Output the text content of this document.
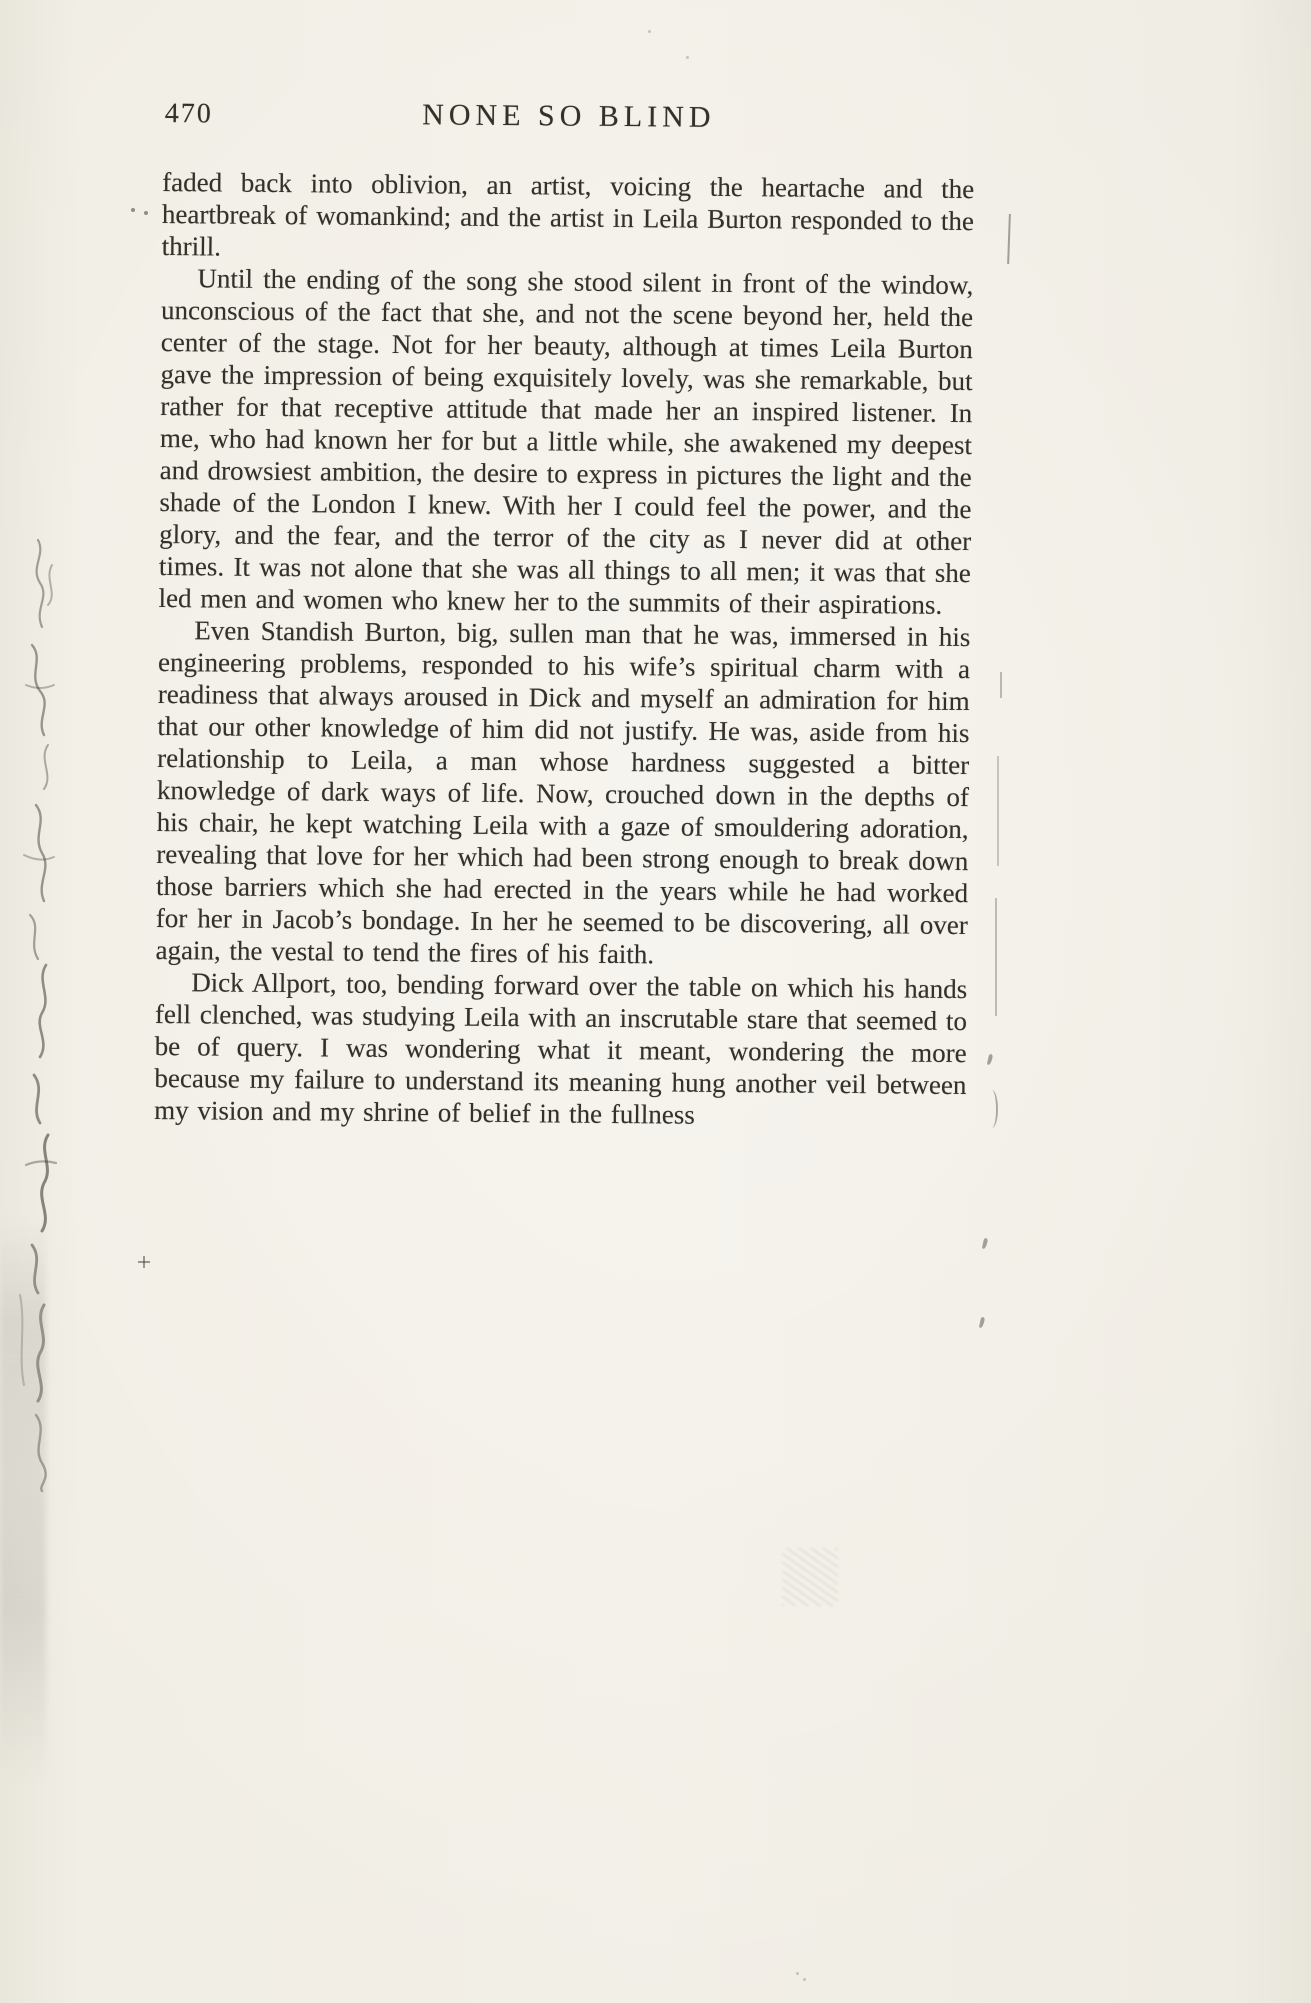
470	NONE SO BLIND

faded back into oblivion, an artist, voicing the heartache and the heartbreak of womankind; and the artist in Leila Burton responded to the thrill.

Until the ending of the song she stood silent in front of the window, unconscious of the fact that she, and not the scene beyond her, held the center of the stage. Not for her beauty, although at times Leila Burton gave the impression of being exquisitely lovely, was she remarkable, but rather for that receptive attitude that made her an inspired listener. In me, who had known her for but a little while, she awakened my deepest and drowsiest ambition, the desire to express in pictures the light and the shade of the London I knew. With her I could feel the power, and the glory, and the fear, and the terror of the city as I never did at other times. It was not alone that she was all things to all men; it was that she led men and women who knew her to the summits of their aspirations.

Even Standish Burton, big, sullen man that he was, immersed in his engineering problems, responded to his wife’s spiritual charm with a readiness that always aroused in Dick and myself an admiration for him that our other knowledge of him did not justify. He was, aside from his relationship to Leila, a man whose hardness suggested a bitter knowledge of dark ways of life. Now, crouched down in the depths of his chair, he kept watching Leila with a gaze of smouldering adoration, revealing that love for her which had been strong enough to break down those barriers which she had erected in the years while he had worked for her in Jacob’s bondage. In her he seemed to be discovering, all over again, the vestal to tend the fires of his faith.

Dick Allport, too, bending forward over the table on which his hands fell clenched, was studying Leila with an inscrutable stare that seemed to be of query. I was wondering what it meant, wondering the more because my failure to understand its meaning hung another veil between my vision and my shrine of belief in the fullness
